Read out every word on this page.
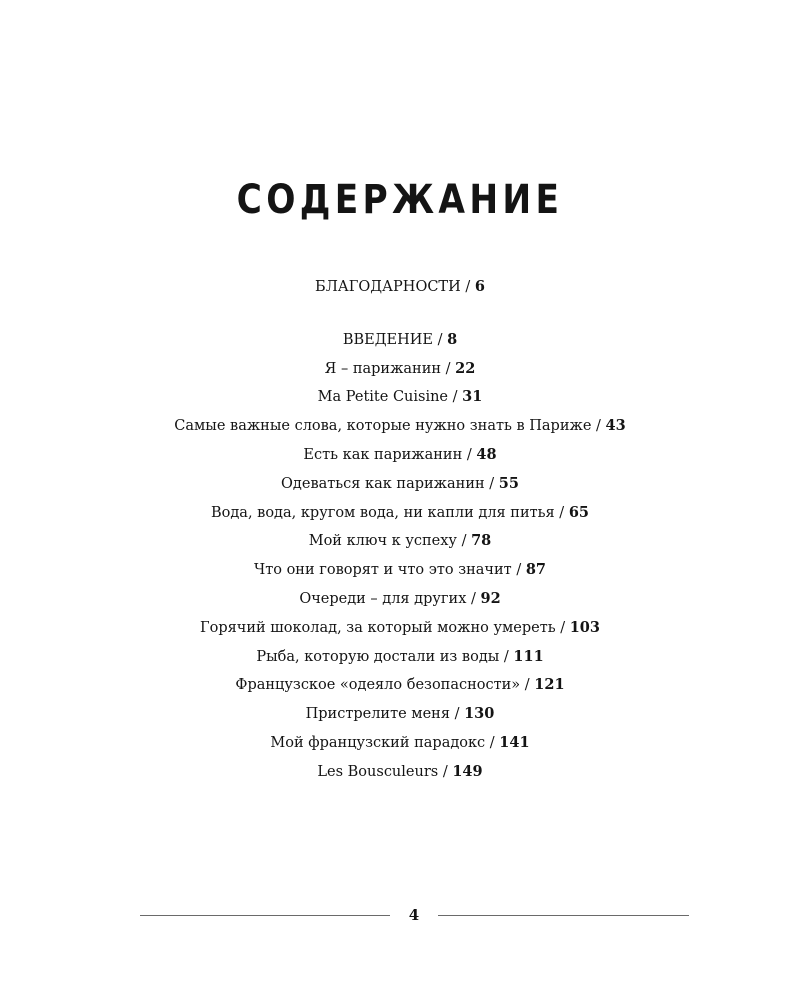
СОДЕРЖАНИЕ
БЛАГОДАРНОСТИ / 6
ВВЕДЕНИЕ / 8
Я – парижанин / 22
Ma Petite Cuisine / 31
Самые важные слова, которые нужно знать в Париже / 43
Есть как парижанин / 48
Одеваться как парижанин / 55
Вода, вода, кругом вода, ни капли для питья / 65
Мой ключ к успеху / 78
Что они говорят и что это значит / 87
Очереди – для других / 92
Горячий шоколад, за который можно умереть / 103
Рыба, которую достали из воды / 111
Французское «одеяло безопасности» / 121
Пристрелите меня / 130
Мой французский парадокс / 141
Les Bousculeurs / 149
4
